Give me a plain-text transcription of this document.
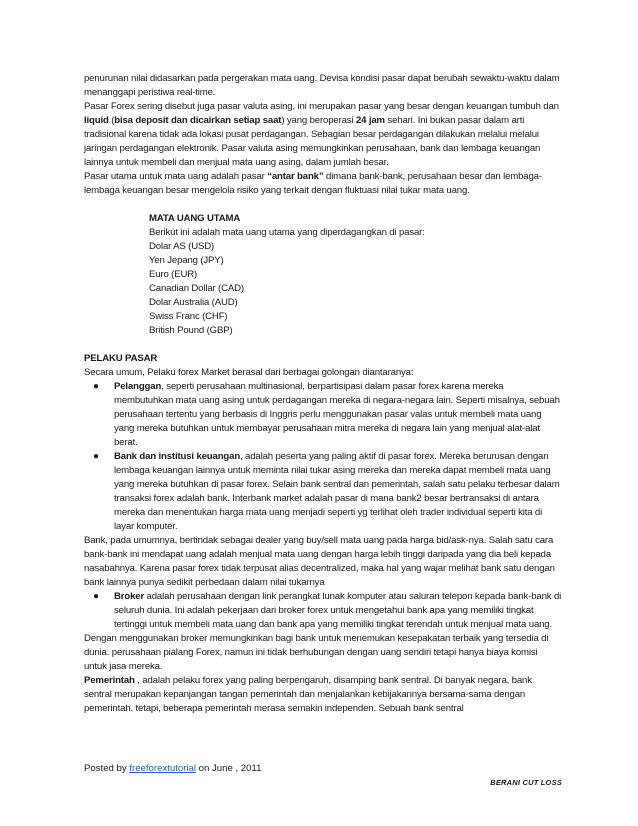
penurunan nilai didasarkan pada pergerakan mata uang. Devisa kondisi pasar dapat berubah sewaktu-waktu dalam menanggapi peristiwa real-time.

Pasar Forex sering disebut juga pasar valuta asing, ini merupakan pasar yang besar dengan keuangan tumbuh dan liquid (bisa deposit dan dicairkan setiap saat) yang beroperasi 24 jam sehari. Ini bukan pasar dalam arti tradisional karena tidak ada lokasi pusat perdagangan. Sebagian besar perdagangan dilakukan melalui melalui jaringan perdagangan elektronik. Pasar valuta asing memungkinkan perusahaan, bank dan lembaga keuangan lainnya untuk membeli dan menjual mata uang asing, dalam jumlah besar.

Pasar utama untuk mata uang adalah pasar “antar bank” dimana bank-bank, perusahaan besar dan lembaga-lembaga keuangan besar mengelola risiko yang terkait dengan fluktuasi nilai tukar mata uang.

MATA UANG UTAMA

Berikut ini adalah mata uang utama yang diperdagangkan di pasar:

Dolar AS (USD)

Yen Jepang (JPY)

Euro (EUR)

Canadian Dollar (CAD)

Dolar Australia (AUD)

Swiss Franc (CHF)

British Pound (GBP)

PELAKU PASAR

Secara umum, Pelaku forex Market berasal dari berbagai golongan diantaranya:

● Pelanggan, seperti perusahaan multinasional, berpartisipasi dalam pasar forex karena mereka membutuhkan mata uang asing untuk perdagangan mereka di negara-negara lain. Seperti misalnya, sebuah perusahaan tertentu yang berbasis di Inggris perlu menggunakan pasar valas untuk membeli mata uang yang mereka butuhkan untuk membayar perusahaan mitra mereka di negara lain yang menjual alat-alat berat.
● Bank dan institusi keuangan, adalah peserta yang paling aktif di pasar forex. Mereka berurusan dengan lembaga keuangan lainnya untuk meminta nilai tukar asing mereka dan mereka dapat membeli mata uang yang mereka butuhkan di pasar forex. Selain bank sentral dan pemerintah, salah satu pelaku terbesar dalam transaksi forex adalah bank. Interbank market adalah pasar di mana bank2 besar bertransaksi di antara mereka dan menentukan harga mata uang menjadi seperti yg terlihat oleh trader individual seperti kita di layar komputer.

Bank, pada umumnya, bertindak sebagai dealer yang buy/sell mata uang pada harga bid/ask-nya. Salah satu cara bank-bank ini mendapat uang adalah menjual mata uang dengan harga lebih tinggi daripada yang dia beli kepada nasabahnya. Karena pasar forex tidak terpusat alias decentralized, maka hal yang wajar melihat bank satu dengan bank lainnya punya sedikit perbedaan dalam nilai tukarnya

● Broker adalah perusahaan dengan link perangkat lunak komputer atau saluran telepon kepada bank-bank di seluruh dunia. Ini adalah pekerjaan dari broker forex untuk mengetahui bank apa yang memiliki tingkat tertinggi untuk membeli mata uang dan bank apa yang memiliki tingkat terendah untuk menjual mata uang.

Dengan menggunakan broker memungkinkan bagi bank untuk menemukan kesepakatan terbaik yang tersedia di dunia. perusahaan pialang Forex, namun ini tidak berhubungan dengan uang sendiri tetapi hanya biaya komisi untuk jasa mereka.

Pemerintah , adalah pelaku forex yang paling berpengaruh, disamping bank sentral. Di banyak negara, bank sentral merupakan kepanjangan tangan pemerintah dan menjalankan kebijakannya bersama-sama dengan pemerintah. tetapi, beberapa pemerintah merasa semakin independen. Sebuah bank sentral

Posted by freeforextutorial on June , 2011
BERANI CUT LOSS
